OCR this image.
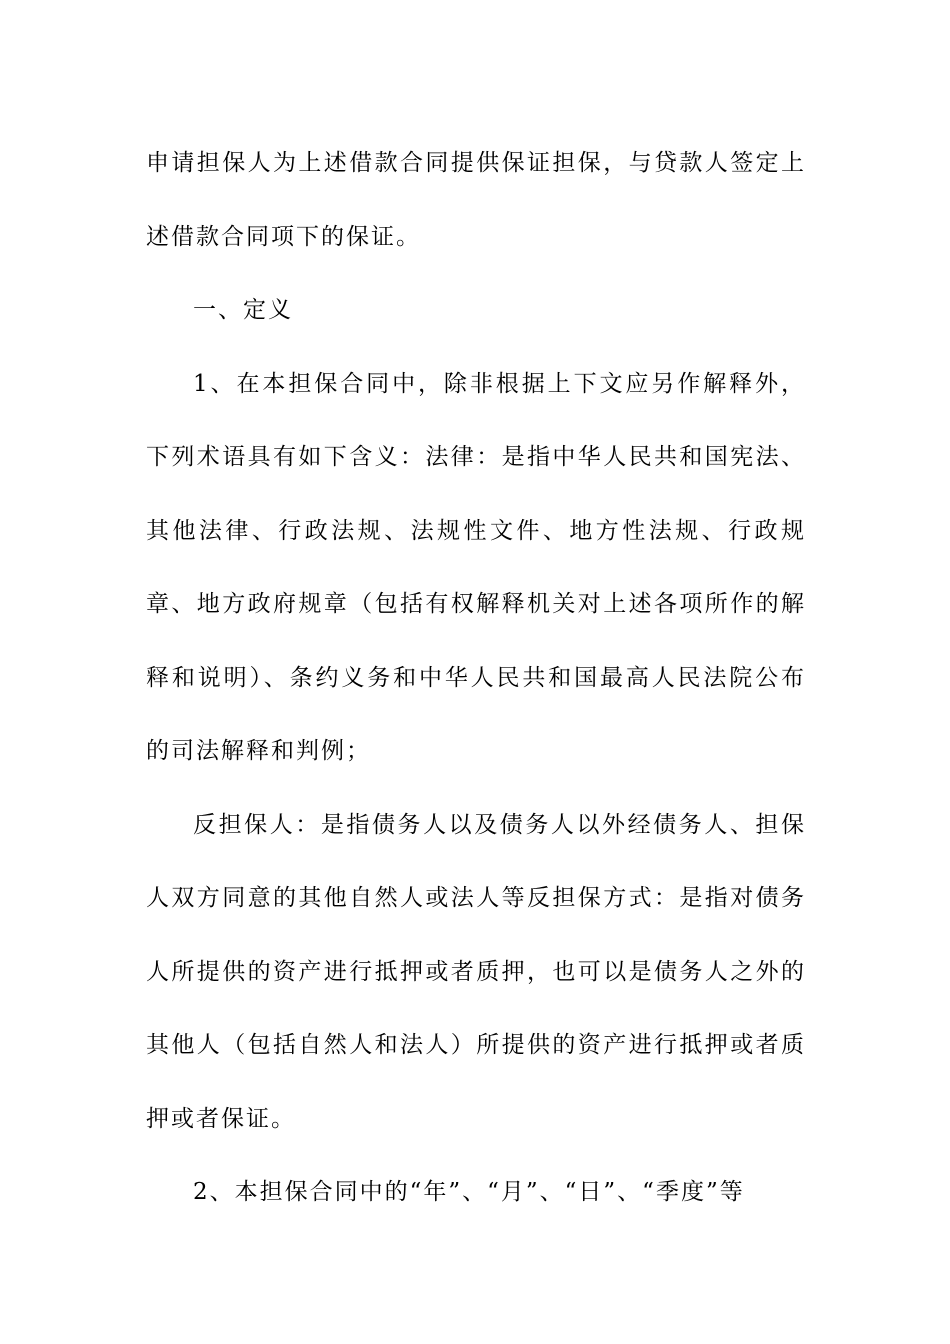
申请担保人为上述借款合同提供保证担保，与贷款人签定上述借款合同项下的保证。

一、定义

1、在本担保合同中，除非根据上下文应另作解释外，下列术语具有如下含义：法律：是指中华人民共和国宪法、其他法律、行政法规、法规性文件、地方性法规、行政规章、地方政府规章（包括有权解释机关对上述各项所作的解释和说明）、条约义务和中华人民共和国最高人民法院公布的司法解释和判例；

反担保人：是指债务人以及债务人以外经债务人、担保人双方同意的其他自然人或法人等反担保方式：是指对债务人所提供的资产进行抵押或者质押，也可以是债务人之外的其他人（包括自然人和法人）所提供的资产进行抵押或者质押或者保证。

2、本担保合同中的“年”、“月”、“日”、“季度”等
